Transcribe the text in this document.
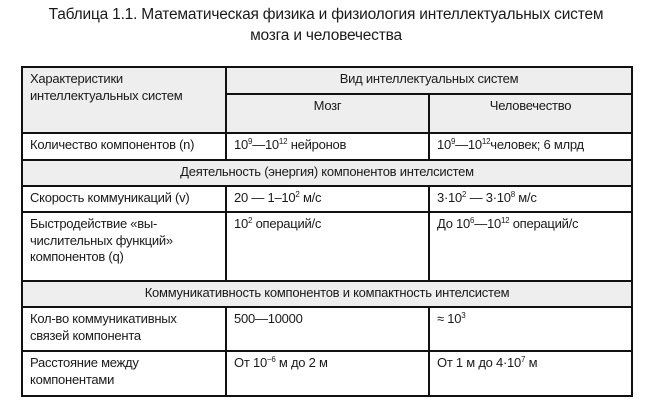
Таблица 1.1. Математическая физика и физиология интеллектуальных систем
мозга и человечества
Характеристики интеллектуальных систем	Вид интеллектуальных систем	
	Мозг	Человечество
Количество компонентов (n)	$10^9—10^{12}$ нейронов	$10^9—10^{12}человек$; 6 млрд
Деятельность (энергия) компонентов интелсистем		
Скорость коммуникаций (v)	20 — $1-10^2$ м/с	$3\cdot 10^2$ — $3\cdot 10^8$ м/с

Быстродействие «вы-
числительных функций»
компонентов (q)	$10^2$ операций/с	До $10^6—10^{12}$ операций/с
Коммуникативность компонентов и компактность интелсистем		

Кол-во коммуникативных
связей компонента	500—10000	≈ $10^3$

Расстояние между
компонентами	От $10^{-6}$ м до 2 м	От 1 м до $4\cdot 10^7$ м
